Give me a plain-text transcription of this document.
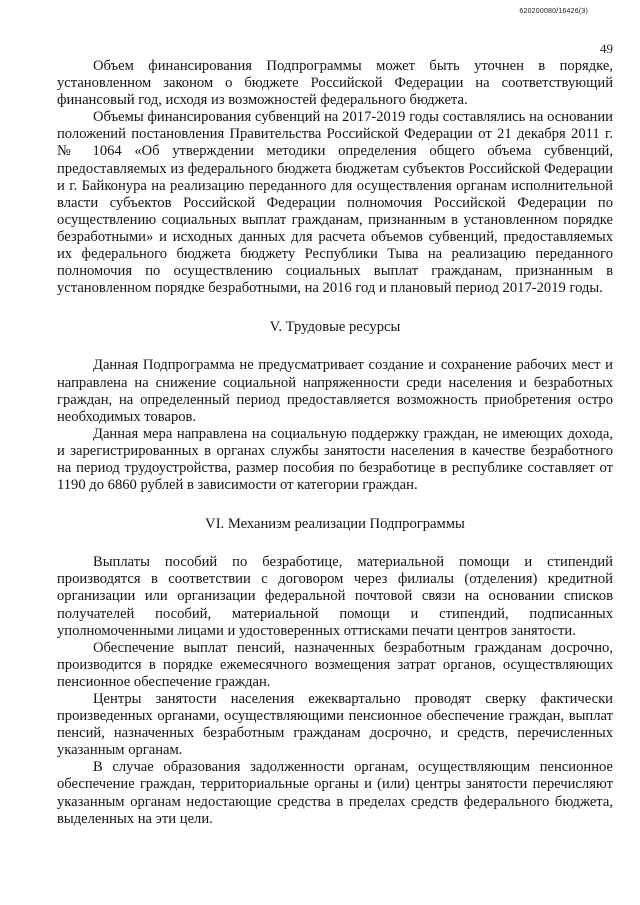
620200080/16426(3)
49

Объем финансирования Подпрограммы может быть уточнен в порядке, установленном законом о бюджете Российской Федерации на соответствующий финансовый год, исходя из возможностей федерального бюджета.

Объемы финансирования субвенций на 2017-2019 годы составлялись на основании положений постановления Правительства Российской Федерации от 21 декабря 2011 г. № 1064 «Об утверждении методики определения общего объема субвенций, предоставляемых из федерального бюджета бюджетам субъектов Российской Федерации и г. Байконура на реализацию переданного для осуществления органам исполнительной власти субъектов Российской Федерации полномочия Российской Федерации по осуществлению социальных выплат гражданам, признанным в установленном порядке безработными» и исходных данных для расчета объемов субвенций, предоставляемых их федерального бюджета бюджету Республики Тыва на реализацию переданного полномочия по осуществлению социальных выплат гражданам, признанным в установленном порядке безработными, на 2016 год и плановый период 2017-2019 годы.

V. Трудовые ресурсы

Данная Подпрограмма не предусматривает создание и сохранение рабочих мест и направлена на снижение социальной напряженности среди населения и безработных граждан, на определенный период предоставляется возможность приобретения остро необходимых товаров.

Данная мера направлена на социальную поддержку граждан, не имеющих дохода, и зарегистрированных в органах службы занятости населения в качестве безработного на период трудоустройства, размер пособия по безработице в республике составляет от 1190 до 6860 рублей в зависимости от категории граждан.

VI. Механизм реализации Подпрограммы

Выплаты пособий по безработице, материальной помощи и стипендий производятся в соответствии с договором через филиалы (отделения) кредитной организации или организации федеральной почтовой связи на основании списков получателей пособий, материальной помощи и стипендий, подписанных уполномоченными лицами и удостоверенных оттисками печати центров занятости.

Обеспечение выплат пенсий, назначенных безработным гражданам досрочно, производится в порядке ежемесячного возмещения затрат органов, осуществляющих пенсионное обеспечение граждан.

Центры занятости населения ежеквартально проводят сверку фактически произведенных органами, осуществляющими пенсионное обеспечение граждан, выплат пенсий, назначенных безработным гражданам досрочно, и средств, перечисленных указанным органам.

В случае образования задолженности органам, осуществляющим пенсионное обеспечение граждан, территориальные органы и (или) центры занятости перечисляют указанным органам недостающие средства в пределах средств федерального бюджета, выделенных на эти цели.
